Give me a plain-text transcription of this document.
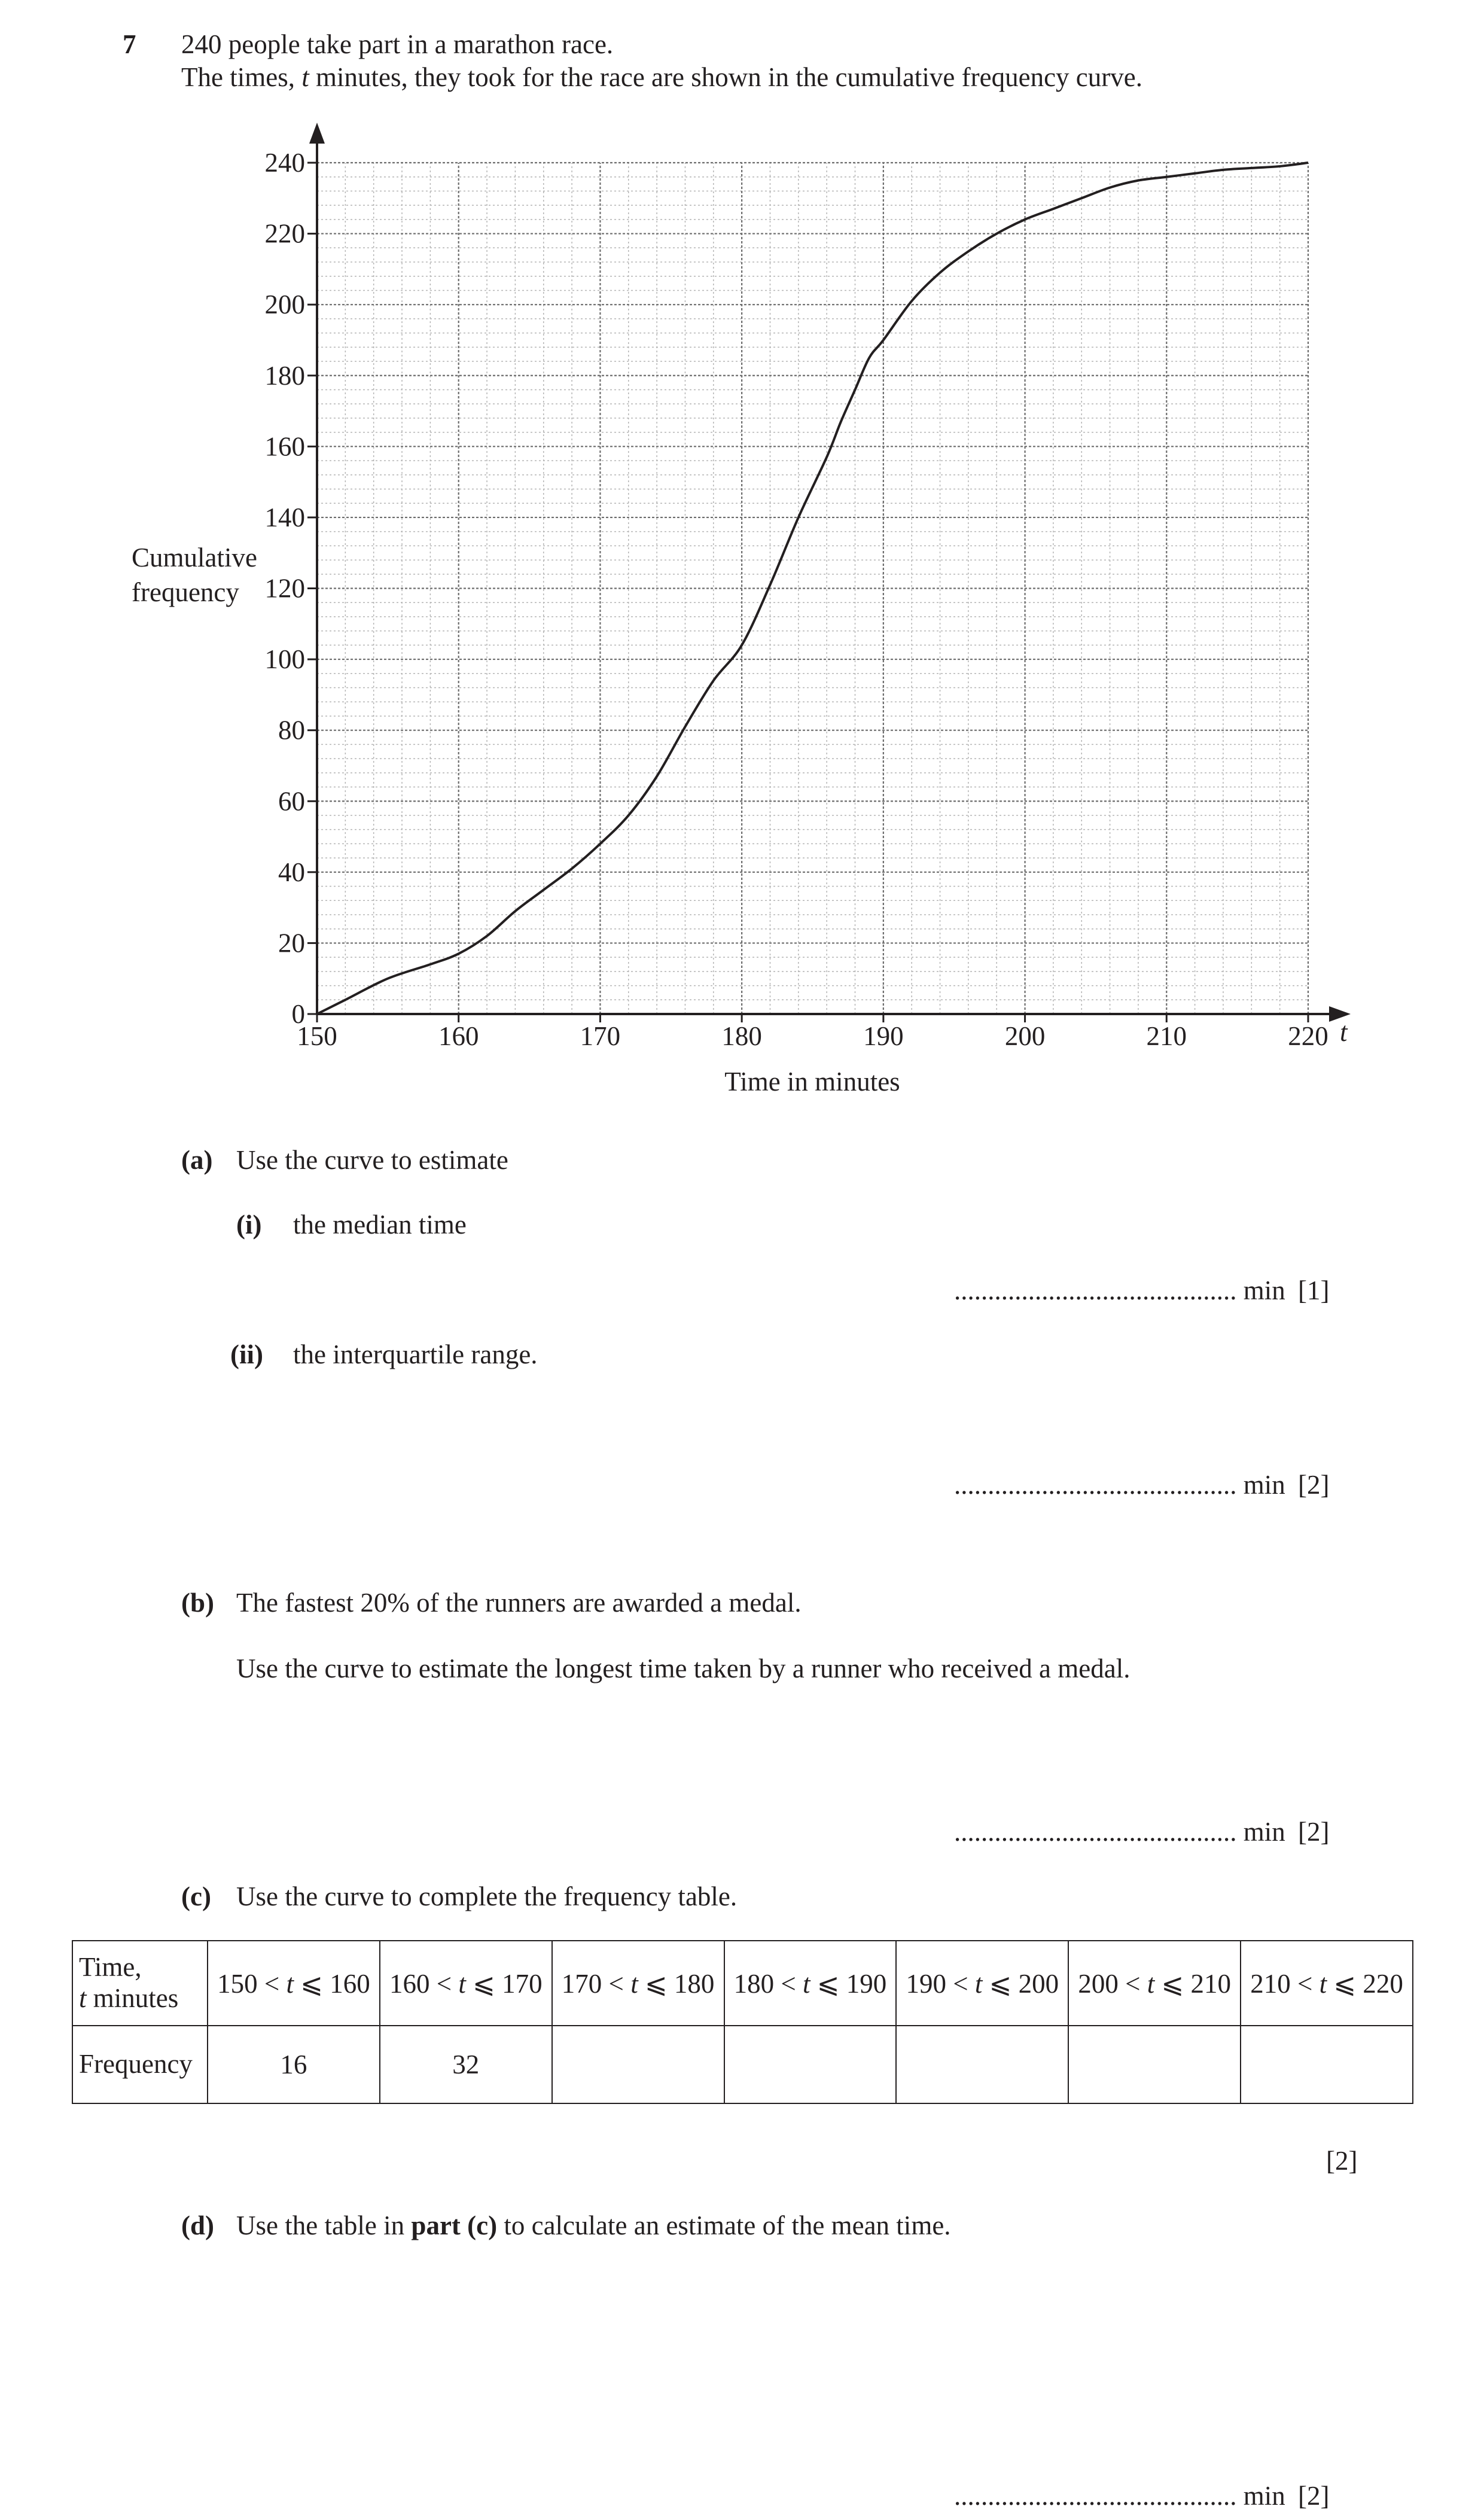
7 240 people take part in a marathon race.
The times, t minutes, they took for the race are shown in the cumulative frequency curve.
150	160	170	180	190	200	210	220
0
20
40
60
80
100
120
140
160
180
200
220
240
Cumulative
frequency
Time in minutes
t
(a) Use the curve to estimate
(i) the median time
.......................................... min [1]
(ii) the interquartile range.
.......................................... min [2]
(b) The fastest 20% of the runners are awarded a medal.
Use the curve to estimate the longest time taken by a runner who received a medal.
.......................................... min [2]
(c) Use the curve to complete the frequency table.
Time,
t minutes	150 < t ⩽ 160	160 < t ⩽ 170	170 < t ⩽ 180	180 < t ⩽ 190	190 < t ⩽ 200	200 < t ⩽ 210	210 < t ⩽ 220
Frequency	16	32					
[2]
(d) Use the table in part (c) to calculate an estimate of the mean time.
.......................................... min [2]
